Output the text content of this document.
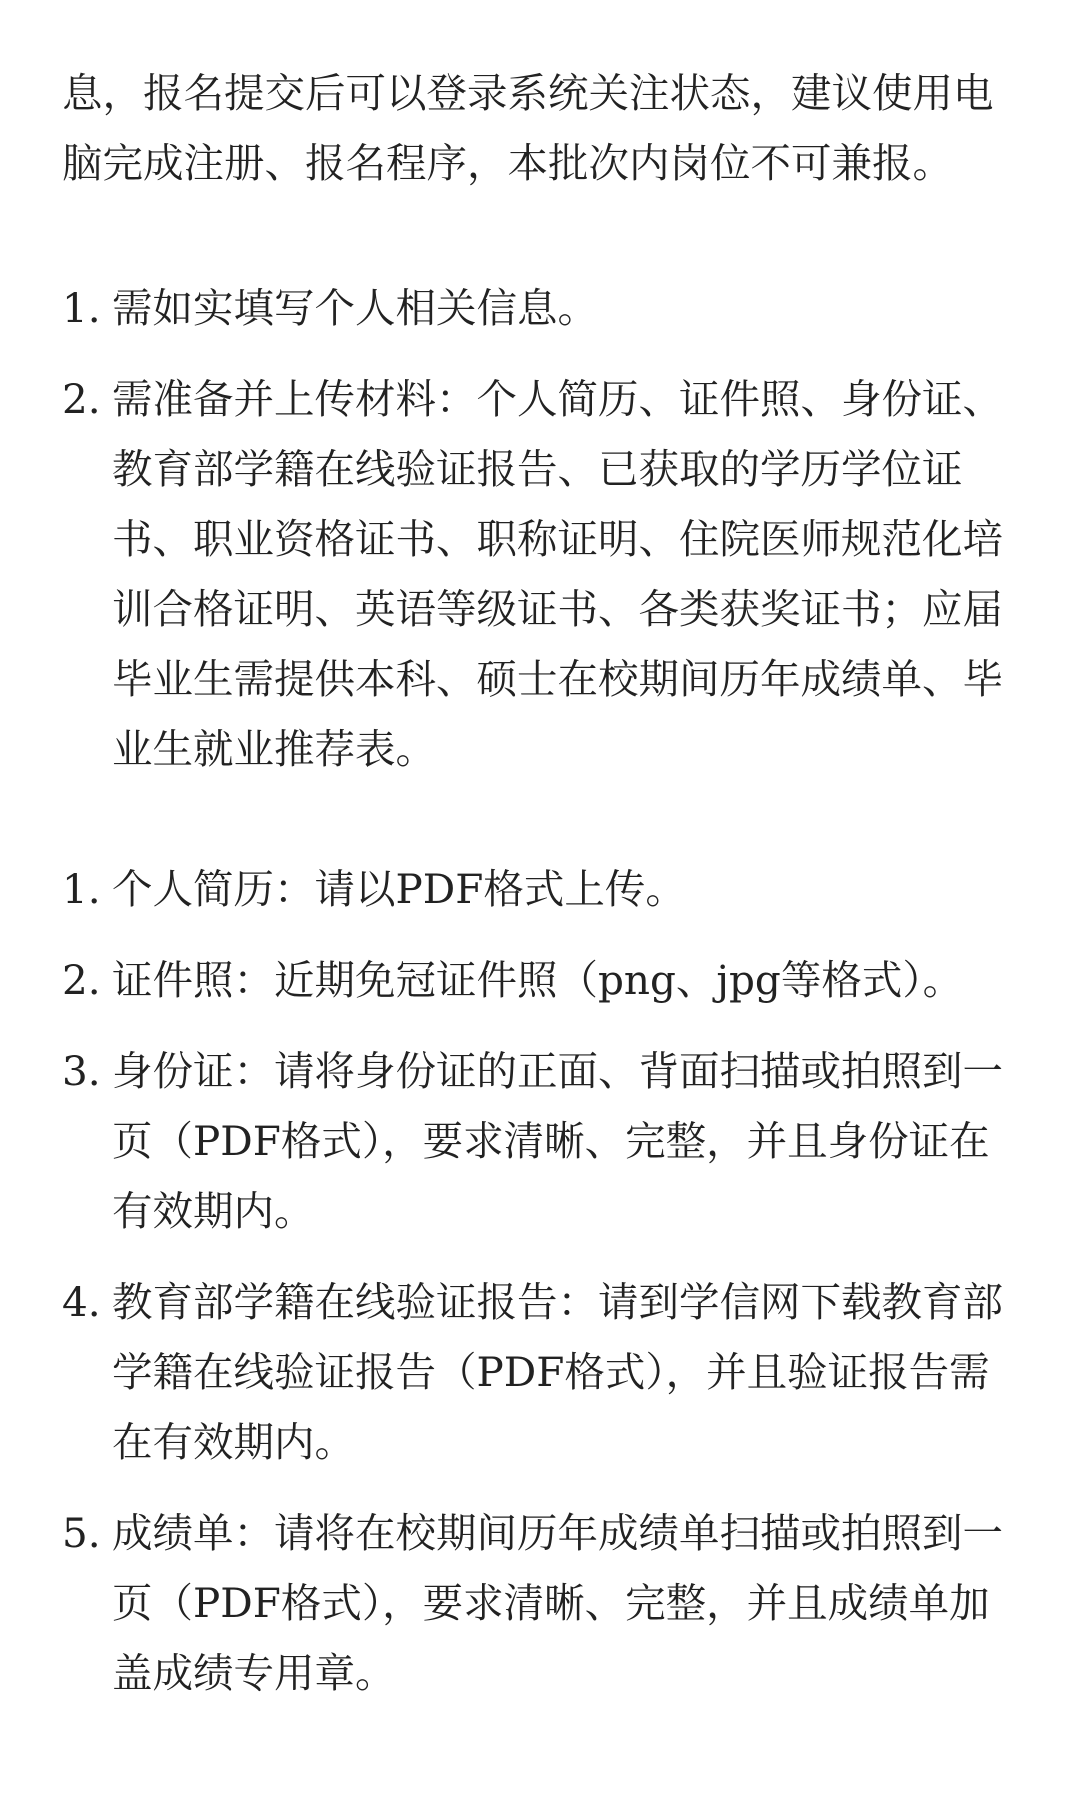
息，报名提交后可以登录系统关注状态，建议使用电脑完成注册、报名程序，本批次内岗位不可兼报。

1. 需如实填写个人相关信息。
2. 需准备并上传材料：个人简历、证件照、身份证、教育部学籍在线验证报告、已获取的学历学位证书、职业资格证书、职称证明、住院医师规范化培训合格证明、英语等级证书、各类获奖证书；应届毕业生需提供本科、硕士在校期间历年成绩单、毕业生就业推荐表。
1. 个人简历：请以PDF格式上传。
2. 证件照：近期免冠证件照（png、jpg等格式）。
3. 身份证：请将身份证的正面、背面扫描或拍照到一页（PDF格式），要求清晰、完整，并且身份证在有效期内。
4. 教育部学籍在线验证报告：请到学信网下载教育部学籍在线验证报告（PDF格式），并且验证报告需在有效期内。
5. 成绩单：请将在校期间历年成绩单扫描或拍照到一页（PDF格式），要求清晰、完整，并且成绩单加盖成绩专用章。
